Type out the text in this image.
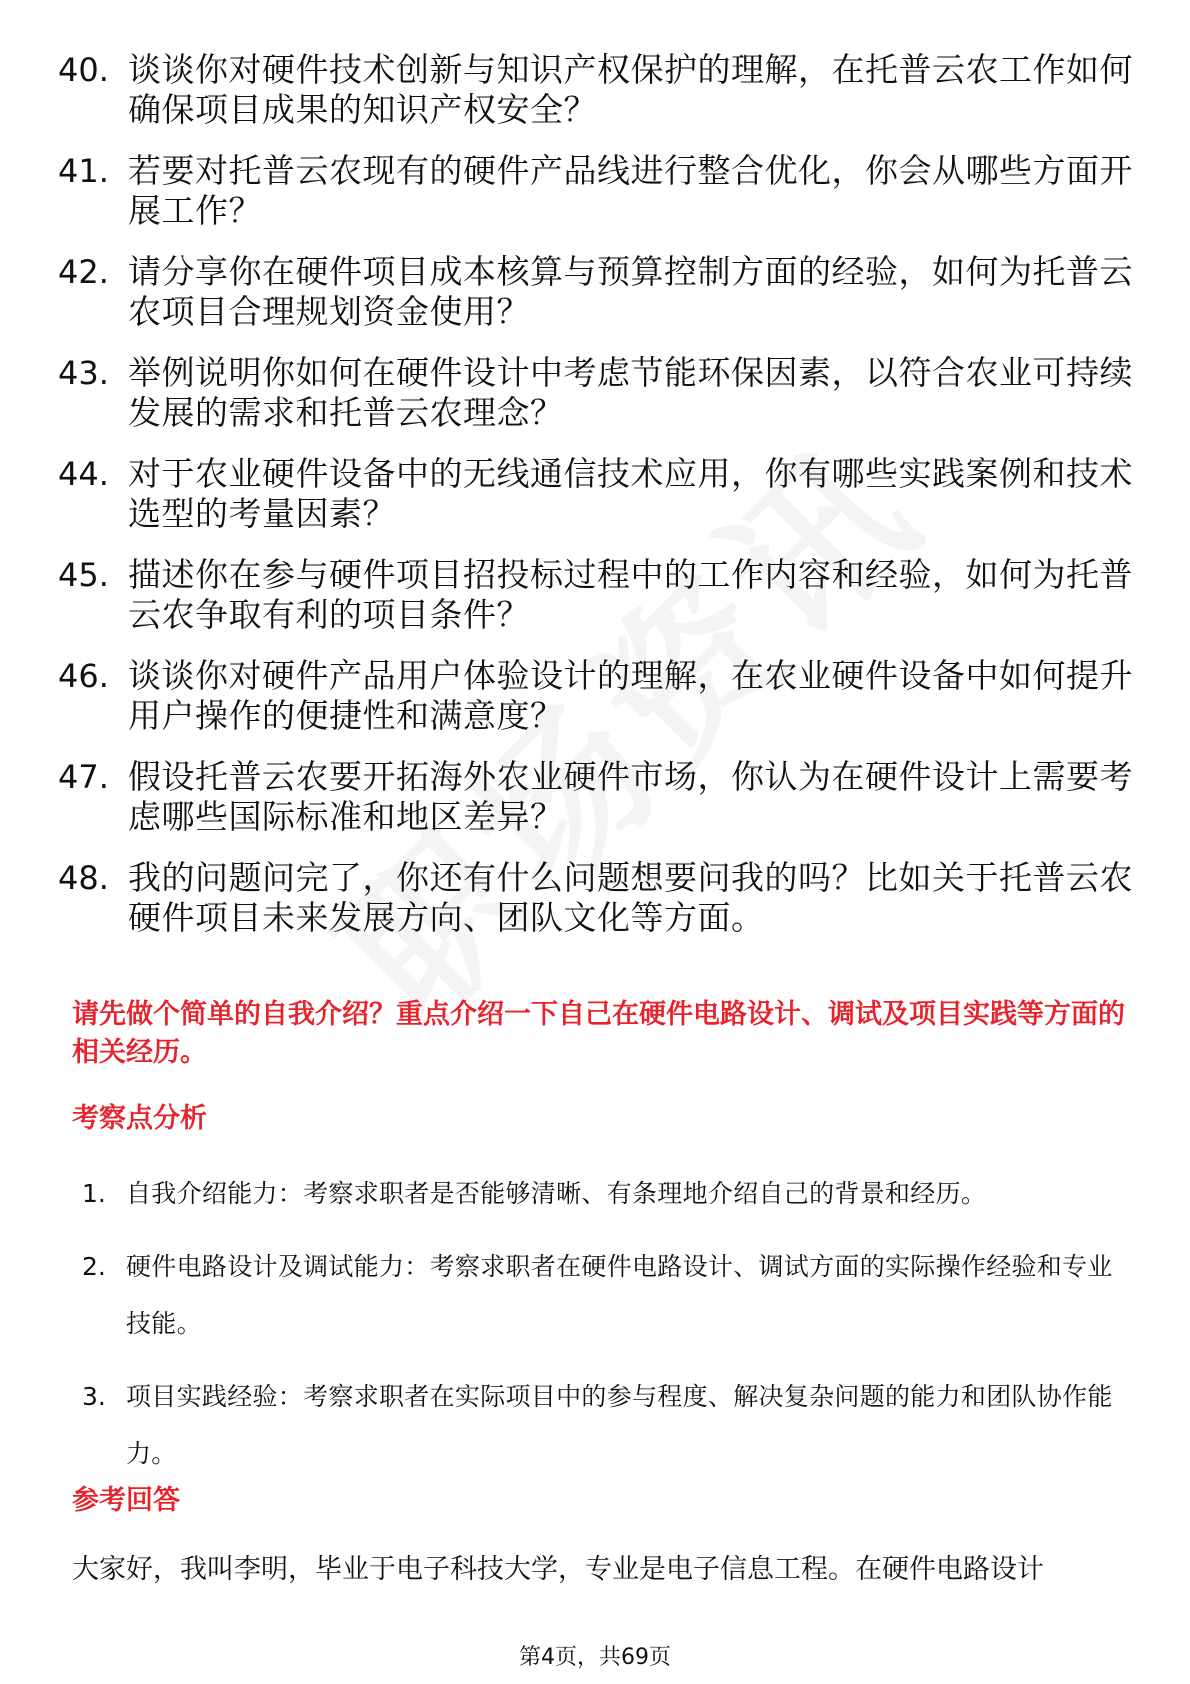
40. 谈谈你对硬件技术创新与知识产权保护的理解，在托普云农工作如何确保项目成果的知识产权安全？
41. 若要对托普云农现有的硬件产品线进行整合优化，你会从哪些方面开展工作？
42. 请分享你在硬件项目成本核算与预算控制方面的经验，如何为托普云农项目合理规划资金使用？
43. 举例说明你如何在硬件设计中考虑节能环保因素，以符合农业可持续发展的需求和托普云农理念？
44. 对于农业硬件设备中的无线通信技术应用，你有哪些实践案例和技术选型的考量因素？
45. 描述你在参与硬件项目招投标过程中的工作内容和经验，如何为托普云农争取有利的项目条件？
46. 谈谈你对硬件产品用户体验设计的理解，在农业硬件设备中如何提升用户操作的便捷性和满意度？
47. 假设托普云农要开拓海外农业硬件市场，你认为在硬件设计上需要考虑哪些国际标准和地区差异？
48. 我的问题问完了，你还有什么问题想要问我的吗？比如关于托普云农硬件项目未来发展方向、团队文化等方面。
请先做个简单的自我介绍？重点介绍一下自己在硬件电路设计、调试及项目实践等方面的相关经历。
考察点分析
1. 自我介绍能力：考察求职者是否能够清晰、有条理地介绍自己的背景和经历。
2. 硬件电路设计及调试能力：考察求职者在硬件电路设计、调试方面的实际操作经验和专业技能。
3. 项目实践经验：考察求职者在实际项目中的参与程度、解决复杂问题的能力和团队协作能力。
参考回答
大家好，我叫李明，毕业于电子科技大学，专业是电子信息工程。在硬件电路设计
第4页，共69页
